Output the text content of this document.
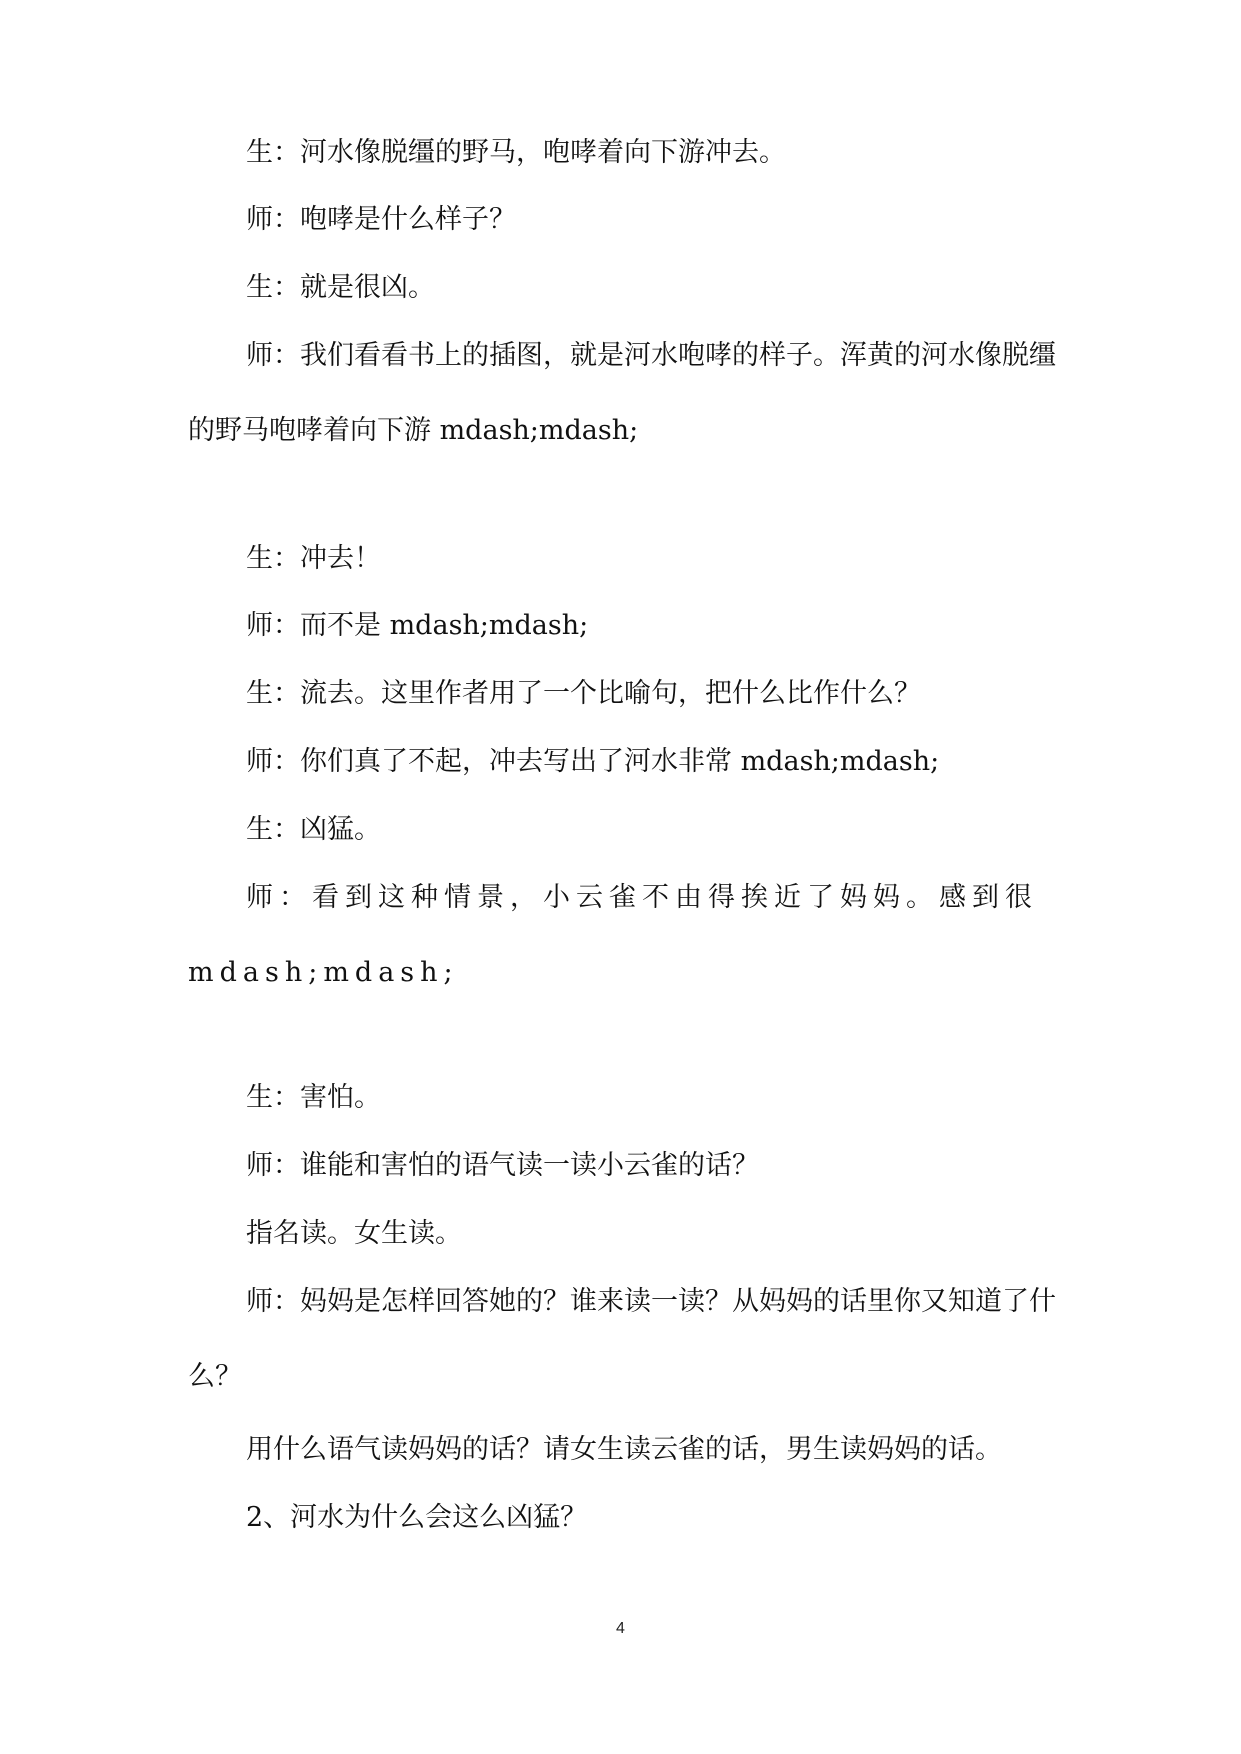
生：河水像脱缰的野马，咆哮着向下游冲去。

师：咆哮是什么样子？

生：就是很凶。

师：我们看看书上的插图，就是河水咆哮的样子。浑黄的河水像脱缰的野马咆哮着向下游 mdash;mdash;

生：冲去！

师：而不是 mdash;mdash;

生：流去。这里作者用了一个比喻句，把什么比作什么？

师：你们真了不起，冲去写出了河水非常 mdash;mdash;

生：凶猛。

师：看到这种情景，小云雀不由得挨近了妈妈。感到很 mdash;mdash;

生：害怕。

师：谁能和害怕的语气读一读小云雀的话？

指名读。女生读。

师：妈妈是怎样回答她的？谁来读一读？从妈妈的话里你又知道了什么？

用什么语气读妈妈的话？请女生读云雀的话，男生读妈妈的话。

2、河水为什么会这么凶猛？

4
